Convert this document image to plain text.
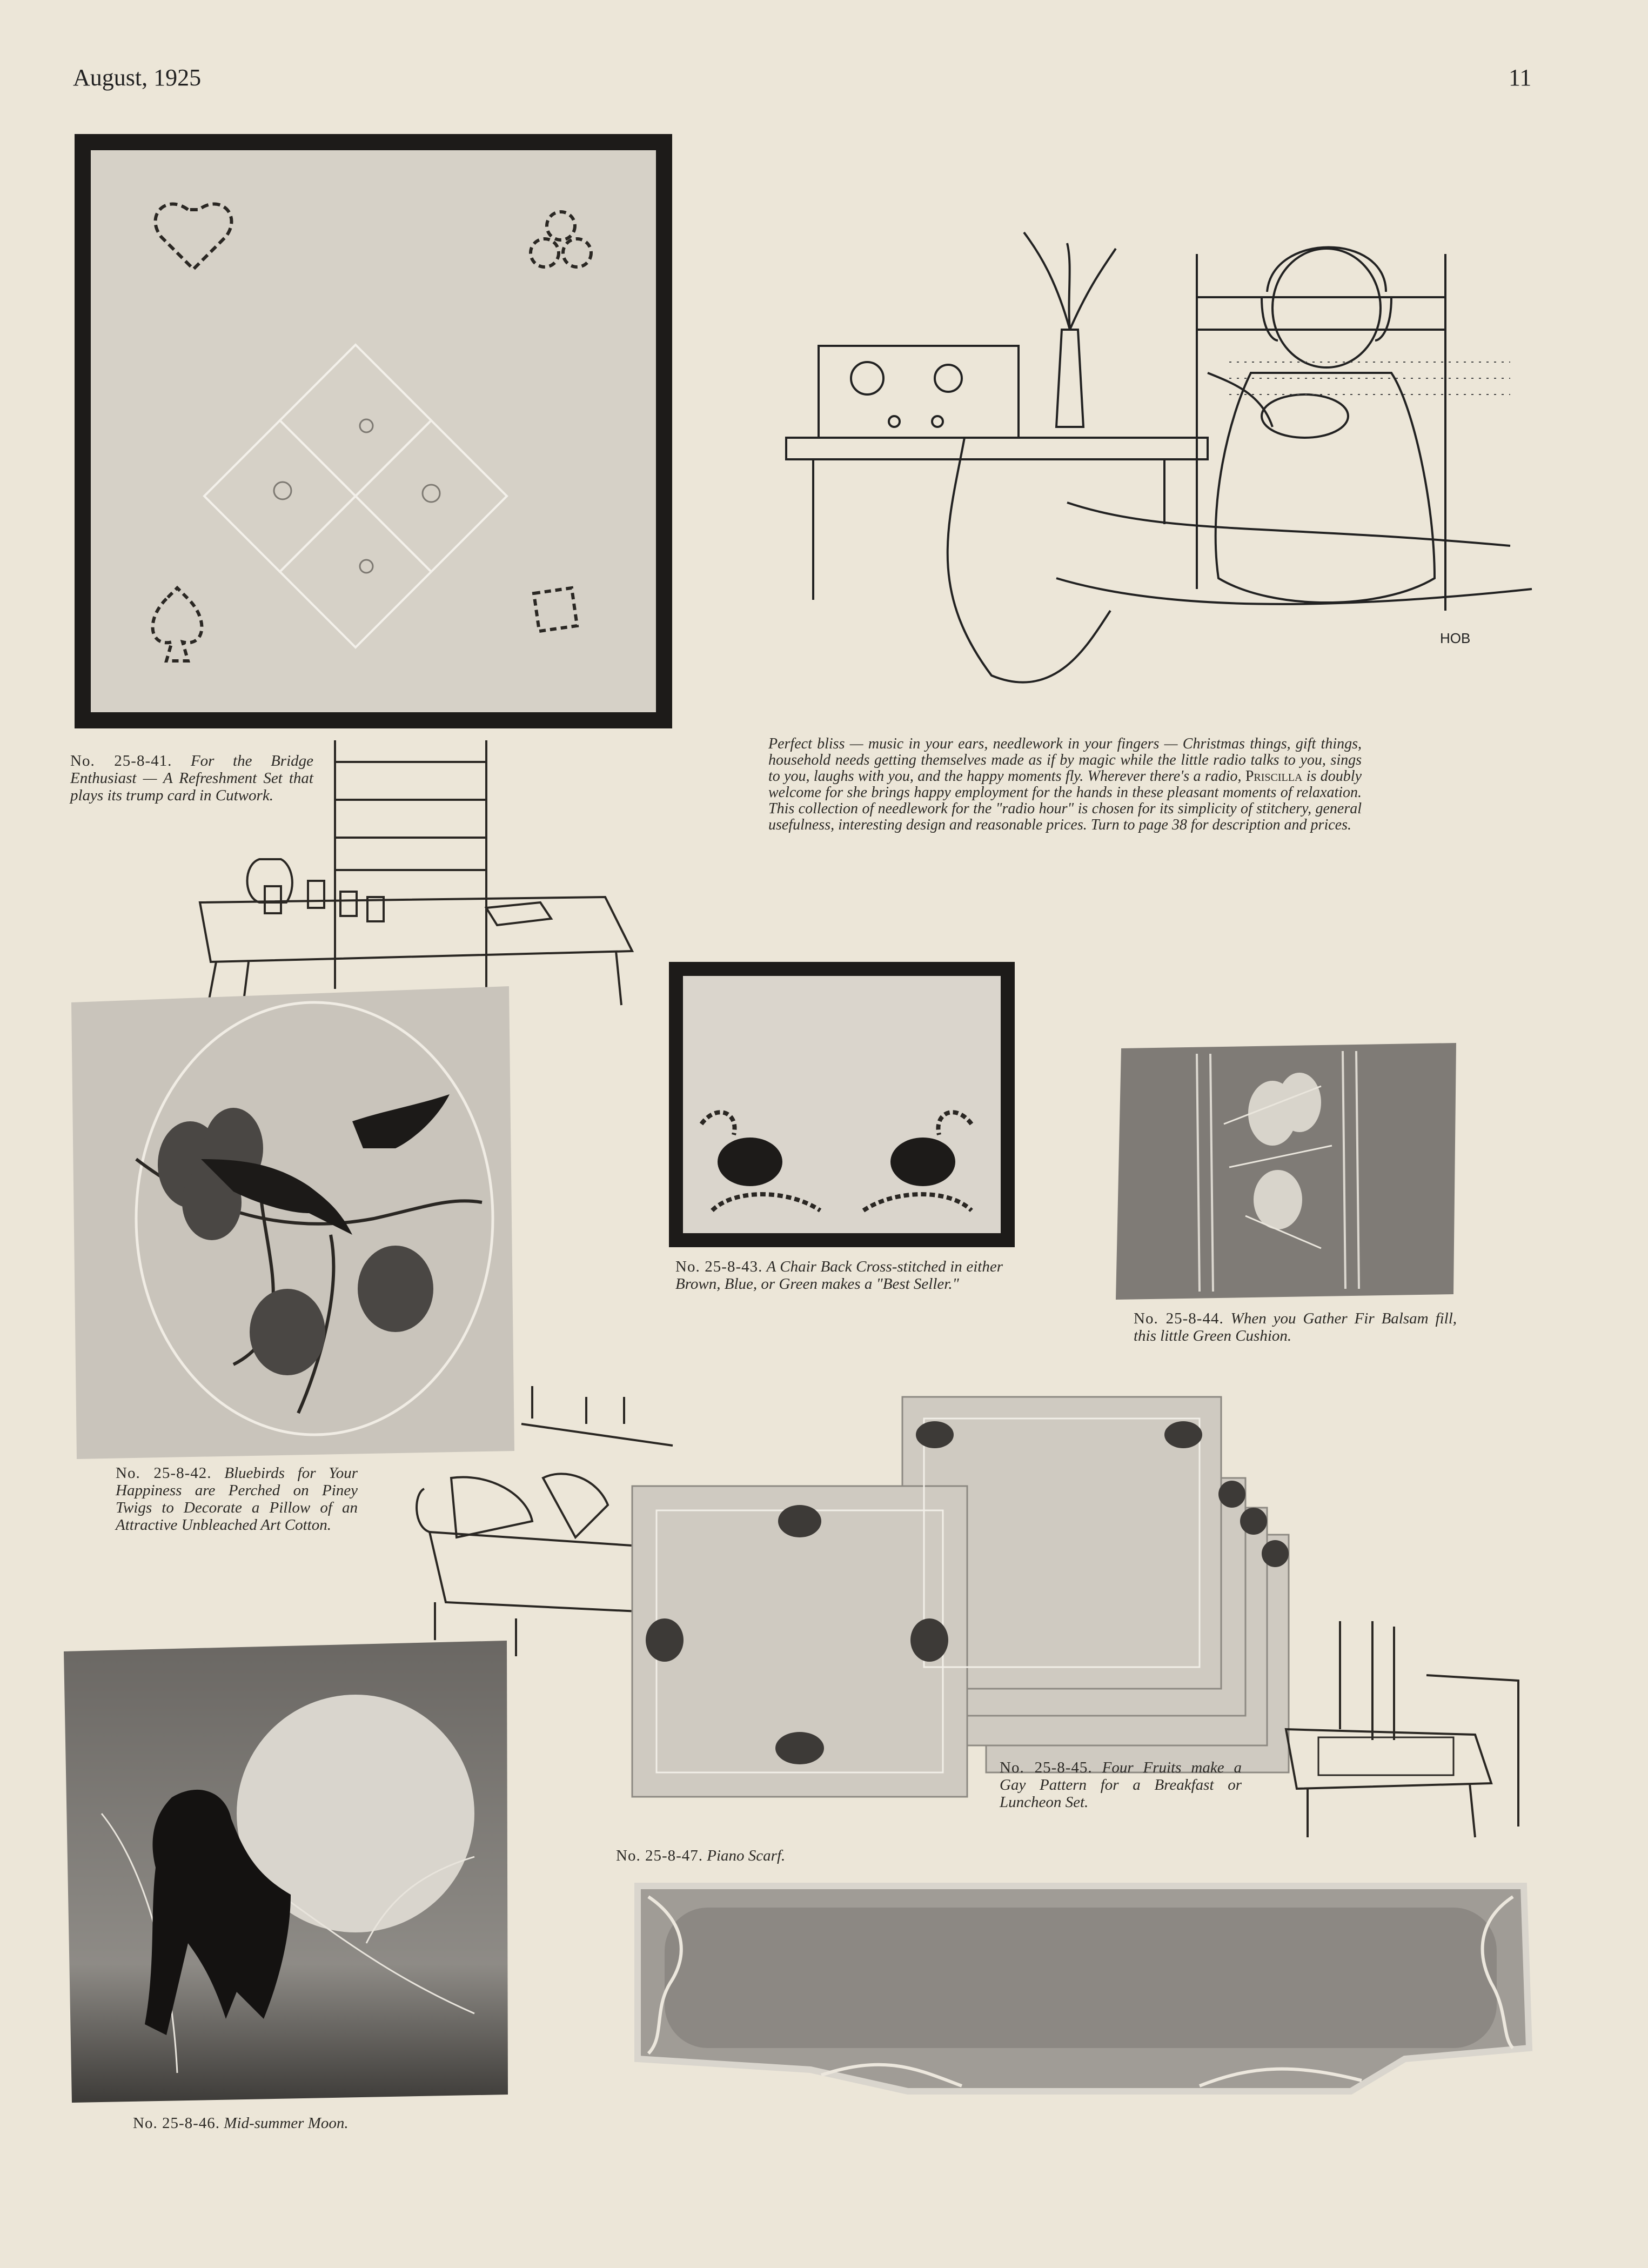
August, 1925	11
No. 25-8-41. For the Bridge Enthusiast — A Refreshment Set that plays its trump card in Cutwork.
HOB
Perfect bliss — music in your ears, needlework in your fingers — Christmas things, gift things, household needs getting themselves made as if by magic while the little radio talks to you, sings to you, laughs with you, and the happy moments fly. Wherever there's a radio, Priscilla is doubly welcome for she brings happy employment for the hands in these pleasant moments of relaxation. This collection of needlework for the "radio hour" is chosen for its simplicity of stitchery, general usefulness, interesting design and reasonable prices. Turn to page 38 for description and prices.
No. 25-8-42. Bluebirds for Your Happiness are Perched on Piney Twigs to Decorate a Pillow of an Attractive Unbleached Art Cotton.
No. 25-8-43. A Chair Back Cross-stitched in either Brown, Blue, or Green makes a "Best Seller."
No. 25-8-44. When you Gather Fir Balsam fill, this little Green Cushion.
No. 25-8-45. Four Fruits make a Gay Pattern for a Breakfast or Luncheon Set.
No. 25-8-46. Mid-summer Moon.
No. 25-8-47. Piano Scarf.
